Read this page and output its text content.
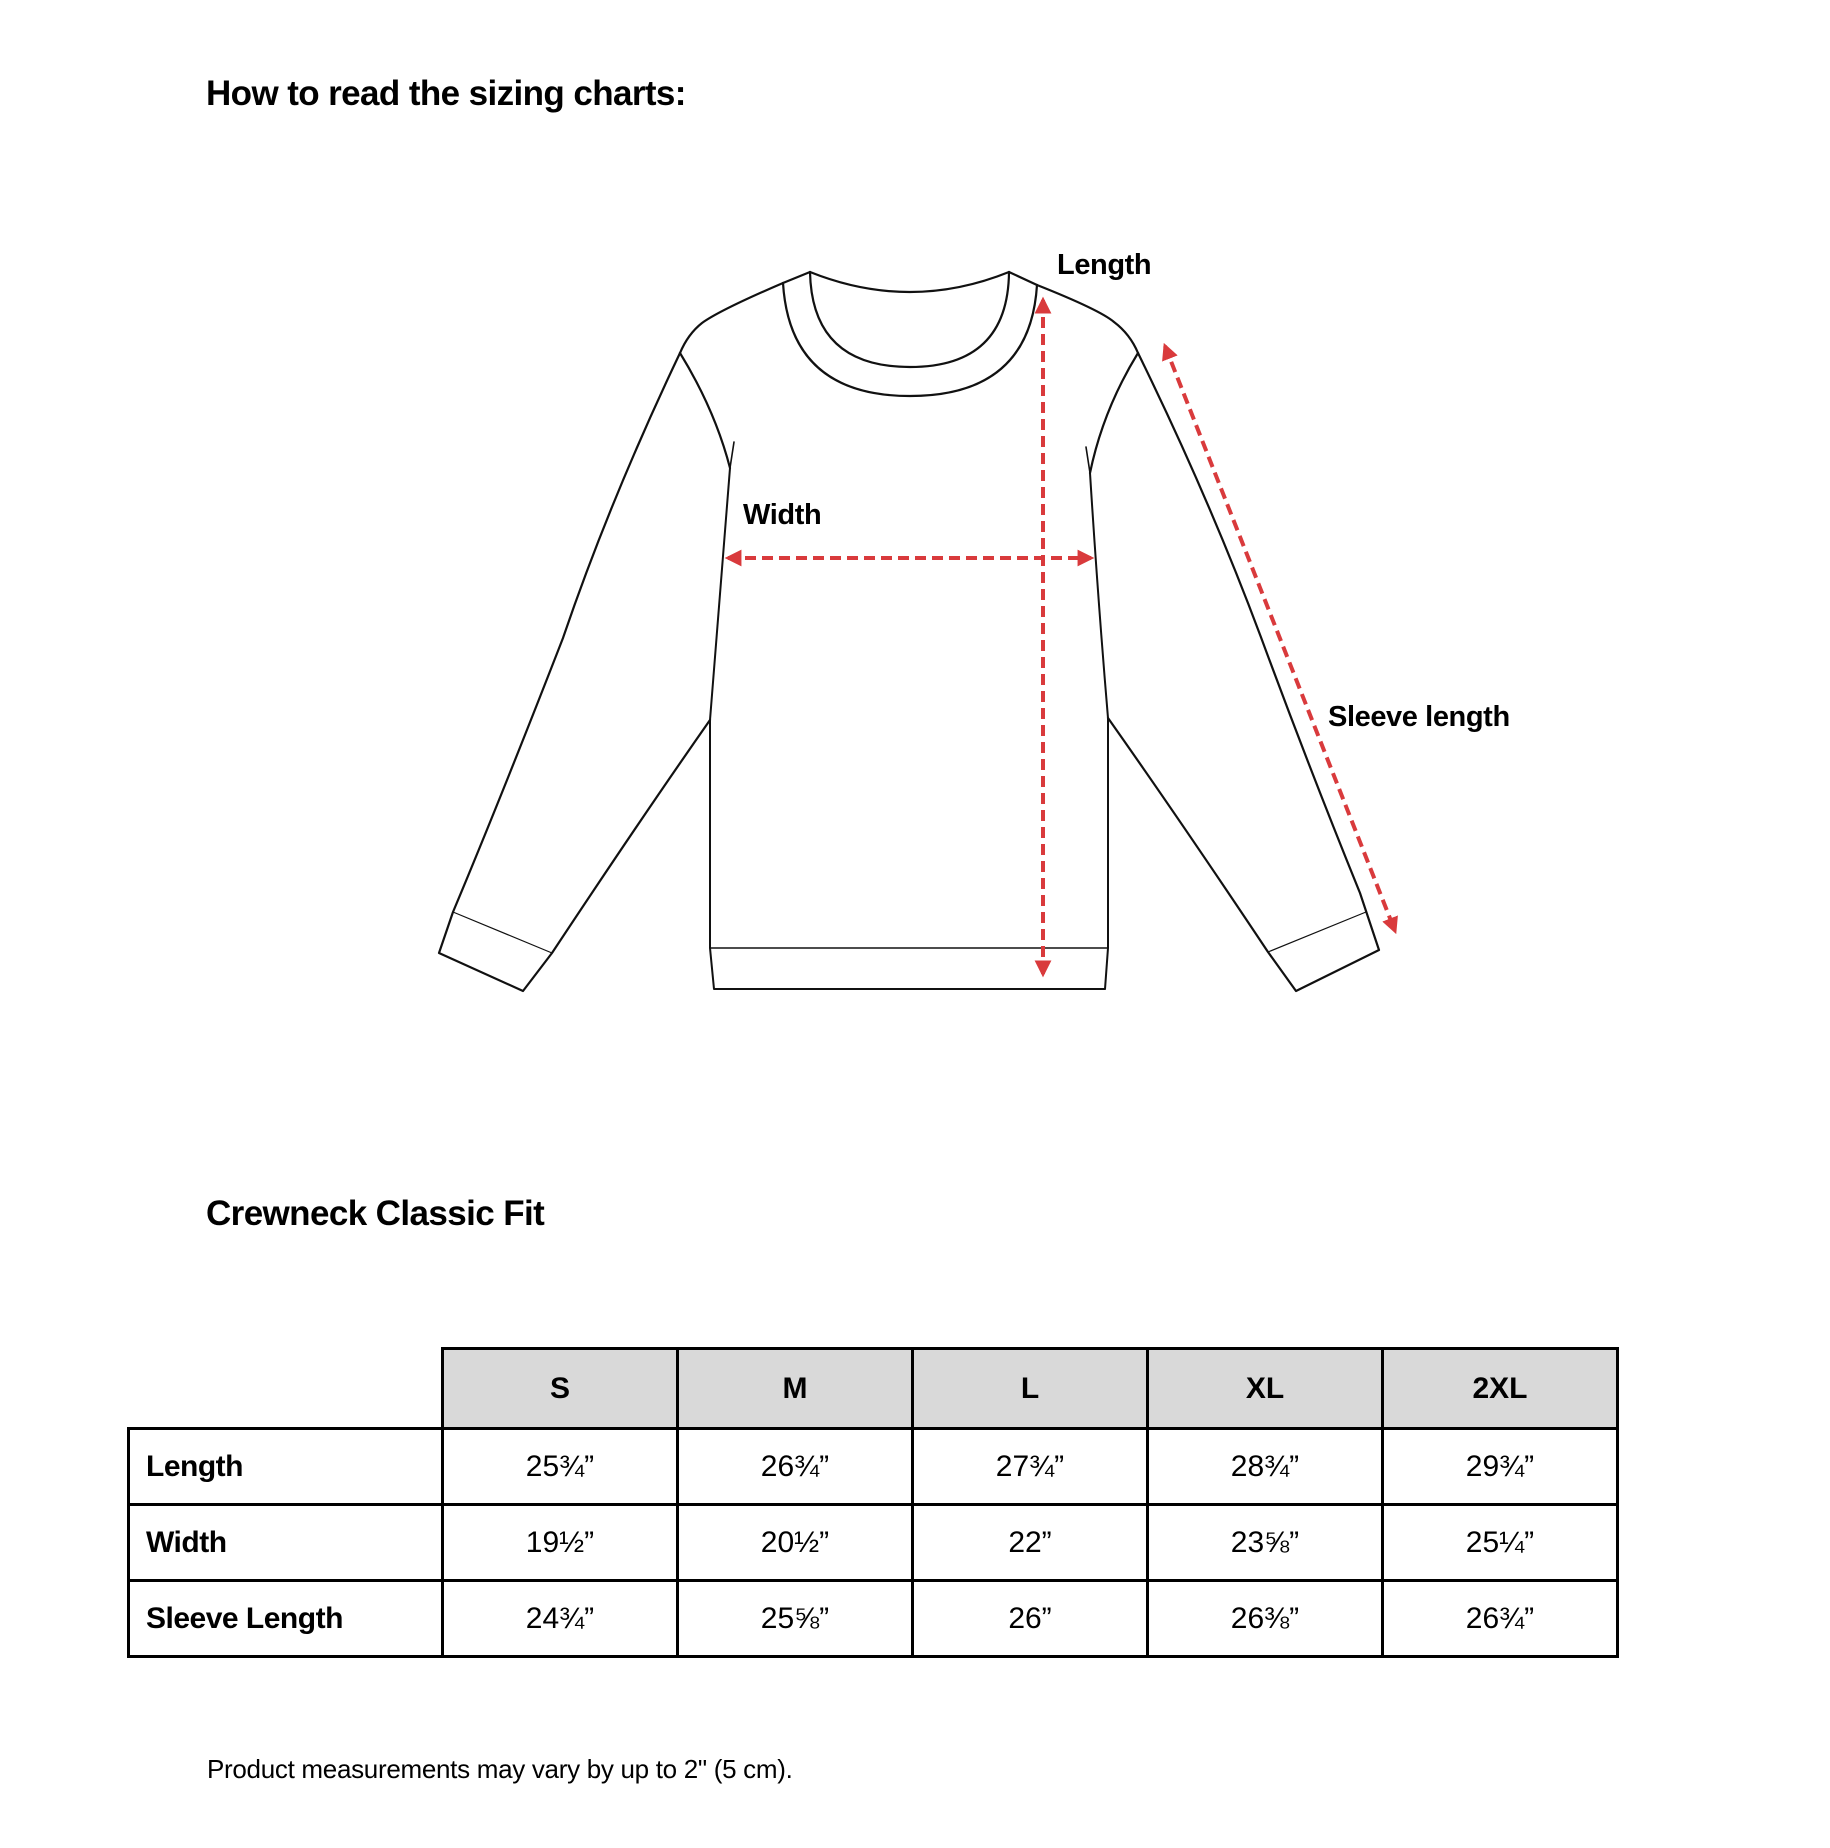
How to read the sizing charts:
Length
Width
Sleeve length
Crewneck Classic Fit
	S	M	L	XL	2XL
Length	25¾”	26¾”	27¾”	28¾”	29¾”
Width	19½”	20½”	22”	23⅝”	25¼”
Sleeve Length	24¾”	25⅝”	26”	26⅜”	26¾”
Product measurements may vary by up to 2" (5 cm).
